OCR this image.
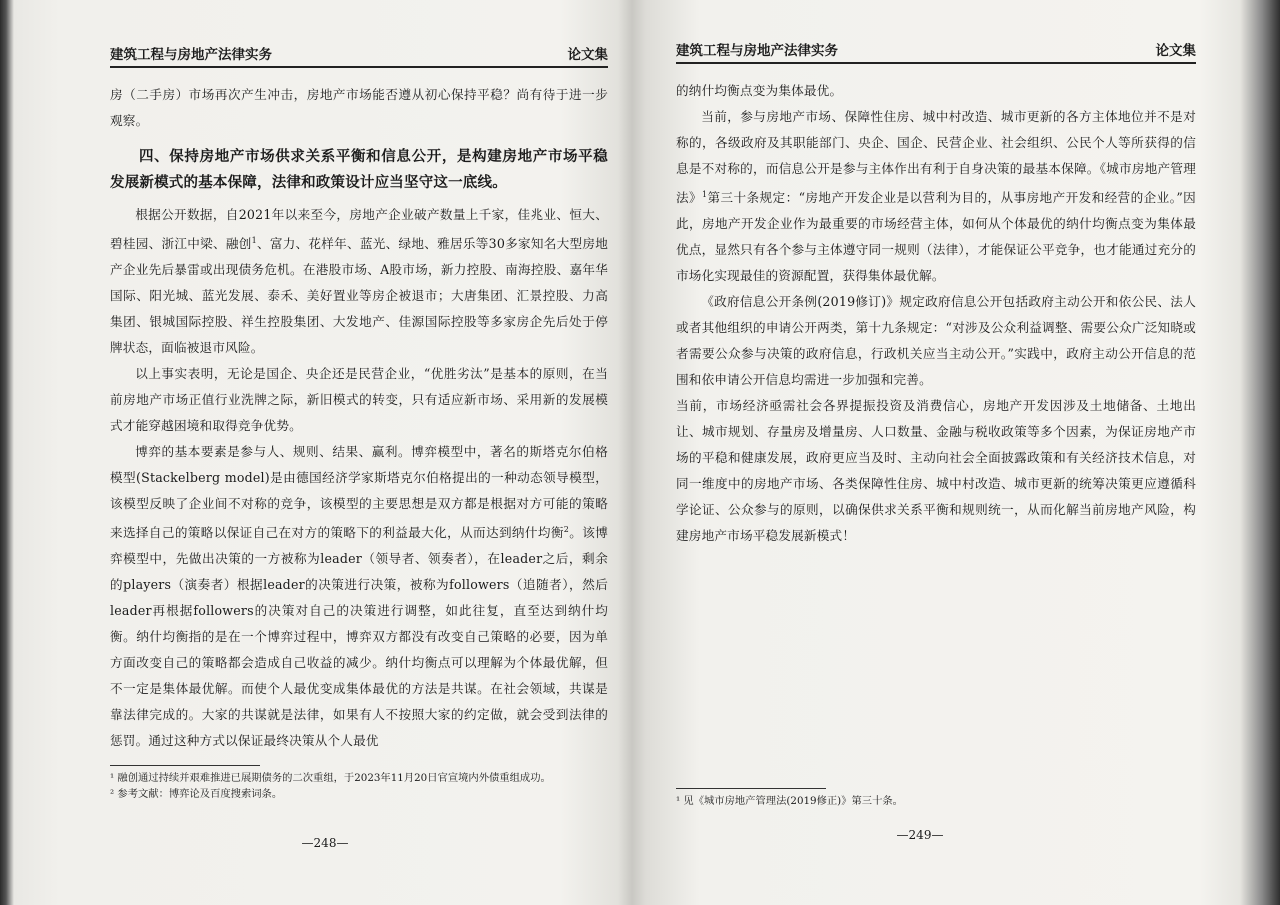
建筑工程与房地产法律实务	论文集

房（二手房）市场再次产生冲击，房地产市场能否遵从初心保持平稳？尚有待于进一步观察。

四、保持房地产市场供求关系平衡和信息公开，是构建房地产市场平稳发展新模式的基本保障，法律和政策设计应当坚守这一底线。

根据公开数据，自2021年以来至今，房地产企业破产数量上千家，佳兆业、恒大、碧桂园、浙江中梁、融创$^1$、富力、花样年、蓝光、绿地、雅居乐等30多家知名大型房地产企业先后暴雷或出现债务危机。在港股市场、A股市场，新力控股、南海控股、嘉年华国际、阳光城、蓝光发展、泰禾、美好置业等房企被退市；大唐集团、汇景控股、力高集团、银城国际控股、祥生控股集团、大发地产、佳源国际控股等多家房企先后处于停牌状态，面临被退市风险。

以上事实表明，无论是国企、央企还是民营企业，“优胜劣汰”是基本的原则，在当前房地产市场正值行业洗牌之际，新旧模式的转变，只有适应新市场、采用新的发展模式才能穿越困境和取得竞争优势。

博弈的基本要素是参与人、规则、结果、赢利。博弈模型中，著名的斯塔克尔伯格模型(Stackelberg model)是由德国经济学家斯塔克尔伯格提出的一种动态领导模型，该模型反映了企业间不对称的竞争，该模型的主要思想是双方都是根据对方可能的策略来选择自己的策略以保证自己在对方的策略下的利益最大化，从而达到纳什均衡$^2$。该博弈模型中，先做出决策的一方被称为leader（领导者、领奏者），在leader之后，剩余的players（演奏者）根据leader的决策进行决策，被称为followers（追随者），然后leader再根据followers的决策对自己的决策进行调整，如此往复，直至达到纳什均衡。纳什均衡指的是在一个博弈过程中，博弈双方都没有改变自己策略的必要，因为单方面改变自己的策略都会造成自己收益的减少。纳什均衡点可以理解为个体最优解，但不一定是集体最优解。而使个人最优变成集体最优的方法是共谋。在社会领域，共谋是靠法律完成的。大家的共谋就是法律，如果有人不按照大家的约定做，就会受到法律的惩罚。通过这种方式以保证最终决策从个人最优

¹ 融创通过持续并艰难推进已展期债务的二次重组，于2023年11月20日官宣境内外债重组成功。
² 参考文献：博弈论及百度搜索词条。
—248—
建筑工程与房地产法律实务	论文集

的纳什均衡点变为集体最优。

当前，参与房地产市场、保障性住房、城中村改造、城市更新的各方主体地位并不是对称的，各级政府及其职能部门、央企、国企、民营企业、社会组织、公民个人等所获得的信息是不对称的，而信息公开是参与主体作出有利于自身决策的最基本保障。《城市房地产管理法》$^1$第三十条规定：“房地产开发企业是以营利为目的，从事房地产开发和经营的企业。”因此，房地产开发企业作为最重要的市场经营主体，如何从个体最优的纳什均衡点变为集体最优点，显然只有各个参与主体遵守同一规则（法律），才能保证公平竞争，也才能通过充分的市场化实现最佳的资源配置，获得集体最优解。

《政府信息公开条例(2019修订)》规定政府信息公开包括政府主动公开和依公民、法人或者其他组织的申请公开两类，第十九条规定：“对涉及公众利益调整、需要公众广泛知晓或者需要公众参与决策的政府信息，行政机关应当主动公开。”实践中，政府主动公开信息的范围和依申请公开信息均需进一步加强和完善。

当前，市场经济亟需社会各界提振投资及消费信心，房地产开发因涉及土地储备、土地出让、城市规划、存量房及增量房、人口数量、金融与税收政策等多个因素，为保证房地产市场的平稳和健康发展，政府更应当及时、主动向社会全面披露政策和有关经济技术信息，对同一维度中的房地产市场、各类保障性住房、城中村改造、城市更新的统筹决策更应遵循科学论证、公众参与的原则，以确保供求关系平衡和规则统一，从而化解当前房地产风险，构建房地产市场平稳发展新模式！

¹ 见《城市房地产管理法(2019修正)》第三十条。
—249—
